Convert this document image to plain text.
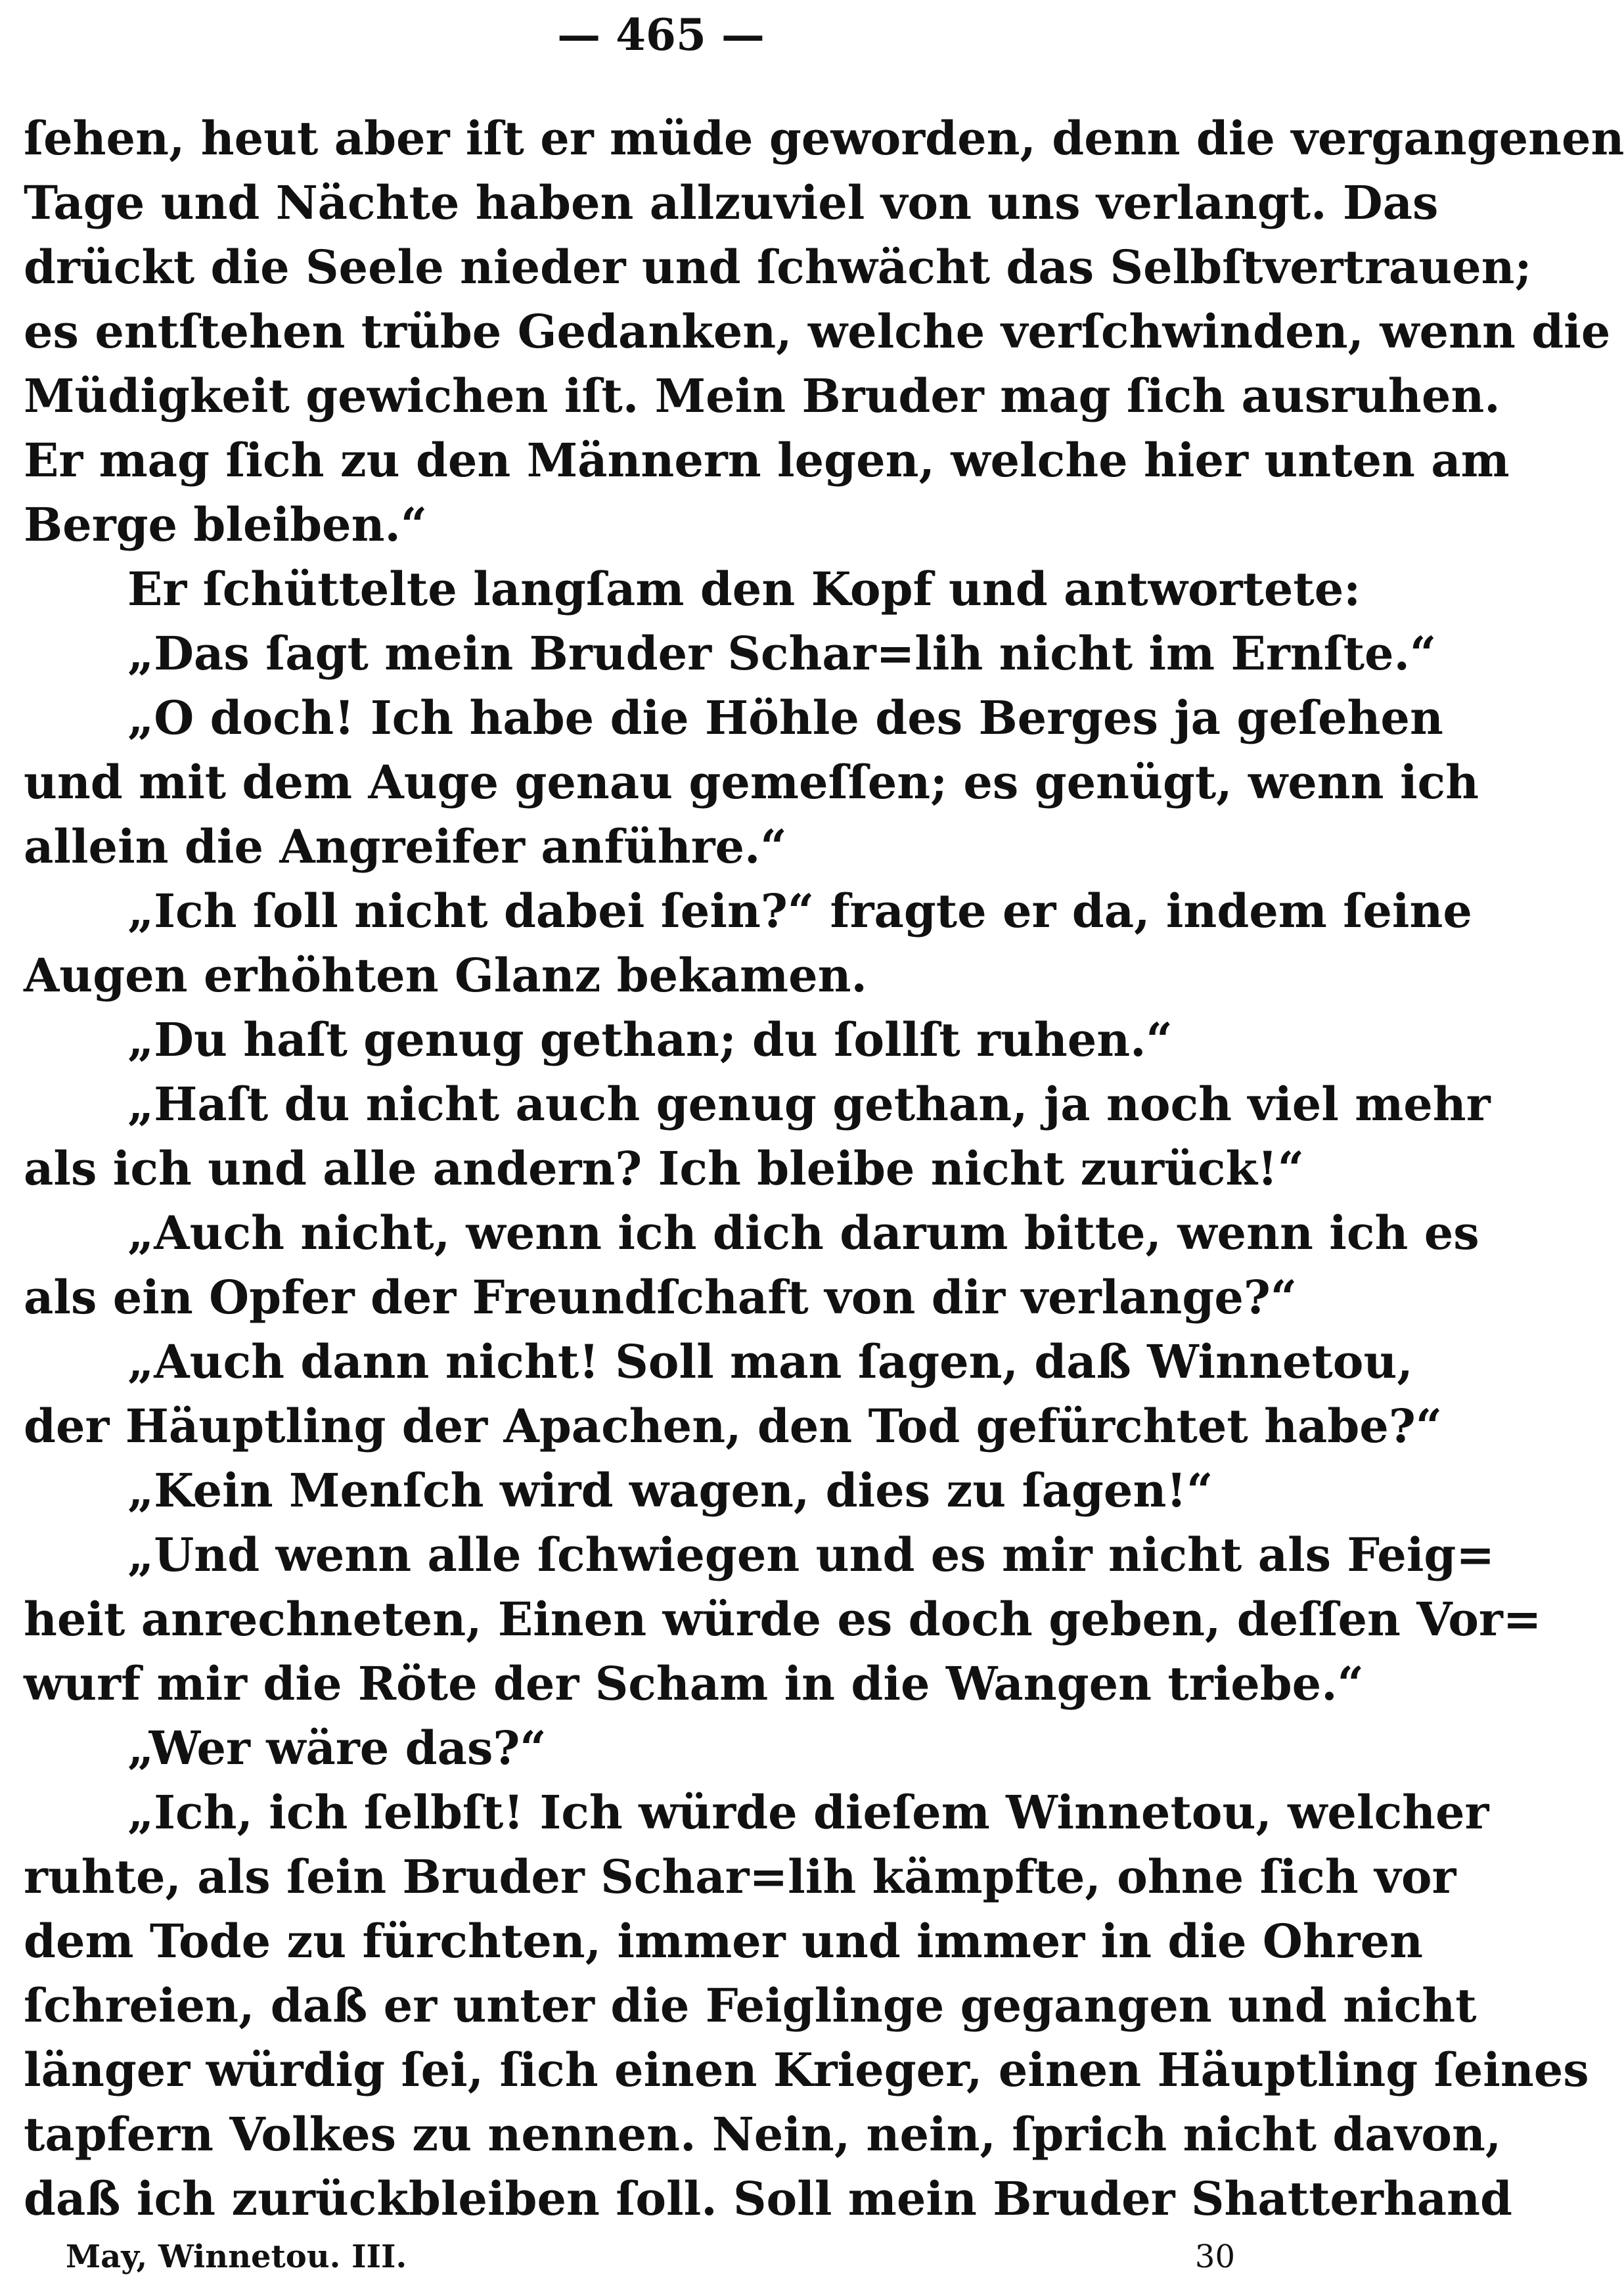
— 465 —
ſehen, heut aber iſt er müde geworden, denn die vergangenen
Tage und Nächte haben allzuviel von uns verlangt. Das
drückt die Seele nieder und ſchwächt das Selbſtvertrauen;
es entſtehen trübe Gedanken, welche verſchwinden, wenn die
Müdigkeit gewichen iſt. Mein Bruder mag ſich ausruhen.
Er mag ſich zu den Männern legen, welche hier unten am
Berge bleiben.“
Er ſchüttelte langſam den Kopf und antwortete:
„Das ſagt mein Bruder Schar=lih nicht im Ernſte.“
„O doch! Ich habe die Höhle des Berges ja geſehen
und mit dem Auge genau gemeſſen; es genügt, wenn ich
allein die Angreifer anführe.“
„Ich ſoll nicht dabei ſein?“ fragte er da, indem ſeine
Augen erhöhten Glanz bekamen.
„Du haſt genug gethan; du ſollſt ruhen.“
„Haſt du nicht auch genug gethan, ja noch viel mehr
als ich und alle andern? Ich bleibe nicht zurück!“
„Auch nicht, wenn ich dich darum bitte, wenn ich es
als ein Opfer der Freundſchaft von dir verlange?“
„Auch dann nicht! Soll man ſagen, daß Winnetou,
der Häuptling der Apachen, den Tod gefürchtet habe?“
„Kein Menſch wird wagen, dies zu ſagen!“
„Und wenn alle ſchwiegen und es mir nicht als Feig=
heit anrechneten, Einen würde es doch geben, deſſen Vor=
wurf mir die Röte der Scham in die Wangen triebe.“
„Wer wäre das?“
„Ich, ich ſelbſt! Ich würde dieſem Winnetou, welcher
ruhte, als ſein Bruder Schar=lih kämpfte, ohne ſich vor
dem Tode zu fürchten, immer und immer in die Ohren
ſchreien, daß er unter die Feiglinge gegangen und nicht
länger würdig ſei, ſich einen Krieger, einen Häuptling ſeines
tapfern Volkes zu nennen. Nein, nein, ſprich nicht davon,
daß ich zurückbleiben ſoll. Soll mein Bruder Shatterhand
May, Winnetou. III.	30
